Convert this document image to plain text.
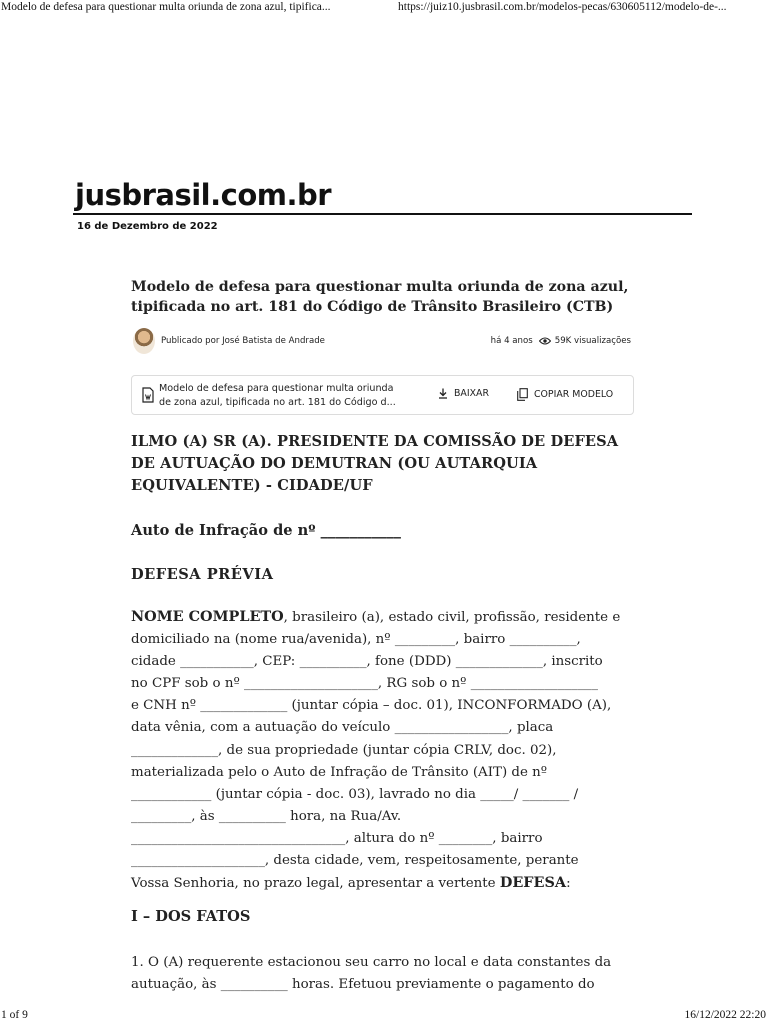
Modelo de defesa para questionar multa oriunda de zona azul, tipifica...	https://juiz10.jusbrasil.com.br/modelos-pecas/630605112/modelo-de-...
jusbrasil.com.br
16 de Dezembro de 2022
Modelo de defesa para questionar multa oriunda de zona azul, tipificada no art. 181 do Código de Trânsito Brasileiro (CTB)
Publicado por José Batista de Andrade	há 4 anos	59K visualizações
Modelo de defesa para questionar multa oriunda de zona azul, tipificada no art. 181 do Código d...
BAIXAR	COPIAR MODELO
ILMO (A) SR (A). PRESIDENTE DA COMISSÃO DE DEFESA DE AUTUAÇÃO DO DEMUTRAN (OU AUTARQUIA EQUIVALENTE) - CIDADE/UF
Auto de Infração de nº ___________
DEFESA PRÉVIA
NOME COMPLETO, brasileiro (a), estado civil, profissão, residente e
domiciliado na (nome rua/avenida), nº _________, bairro __________,
cidade ___________, CEP: __________, fone (DDD) _____________, inscrito
no CPF sob o nº ____________________, RG sob o nº ___________________
e CNH nº _____________ (juntar cópia – doc. 01), INCONFORMADO (A),
data vênia, com a autuação do veículo _________________, placa
_____________, de sua propriedade (juntar cópia CRLV, doc. 02),
materializada pelo o Auto de Infração de Trânsito (AIT) de nº
____________ (juntar cópia - doc. 03), lavrado no dia _____/ _______ /
_________, às __________ hora, na Rua/Av.
________________________________, altura do nº ________, bairro
____________________, desta cidade, vem, respeitosamente, perante
Vossa Senhoria, no prazo legal, apresentar a vertente DEFESA:
I – DOS FATOS
1. O (A) requerente estacionou seu carro no local e data constantes da
autuação, às __________ horas. Efetuou previamente o pagamento do
1 of 9	16/12/2022 22:20
